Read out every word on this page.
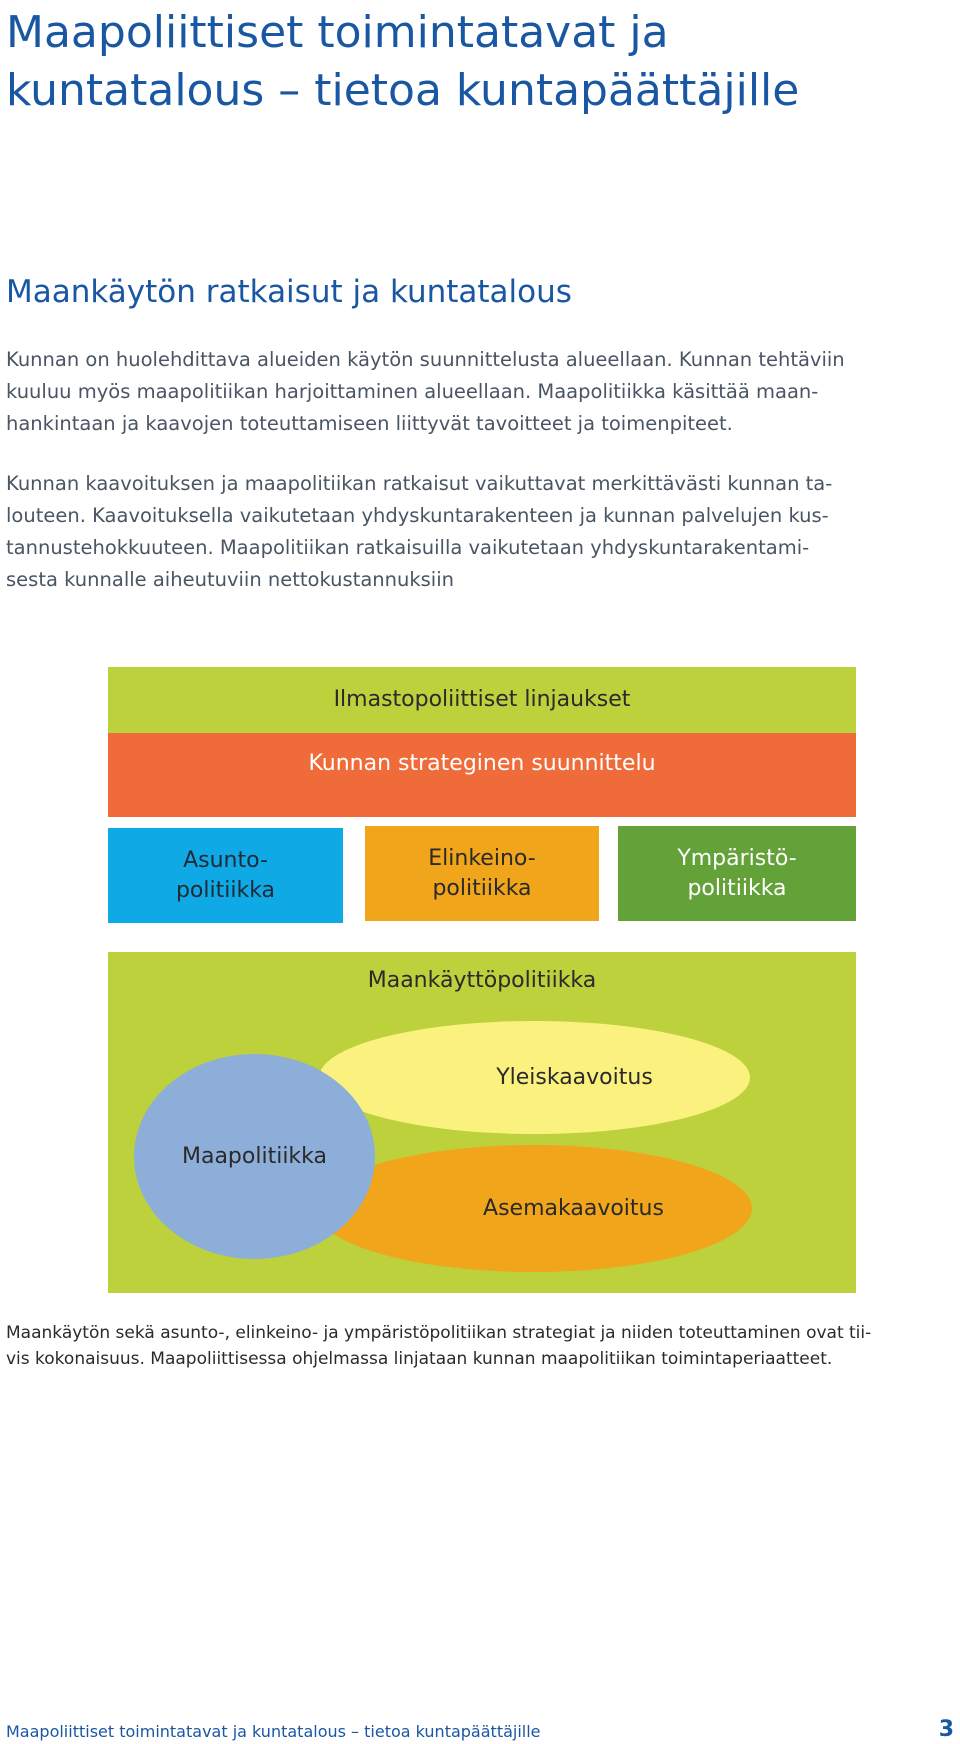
Maapoliittiset toimintatavat ja
kuntatalous – tietoa kuntapäättäjille
Maankäytön ratkaisut ja kuntatalous

Kunnan on huolehdittava alueiden käytön suunnittelusta alueellaan. Kunnan tehtäviin
kuuluu myös maapolitiikan harjoittaminen alueellaan. Maapolitiikka käsittää maan-
hankintaan ja kaavojen toteuttamiseen liittyvät tavoitteet ja toimenpiteet.

Kunnan kaavoituksen ja maapolitiikan ratkaisut vaikuttavat merkittävästi kunnan ta-
louteen. Kaavoituksella vaikutetaan yhdyskuntarakenteen ja kunnan palvelujen kus-
tannustehokkuuteen. Maapolitiikan ratkaisuilla vaikutetaan yhdyskuntarakentami-
sesta kunnalle aiheutuviin nettokustannuksiin

Ilmastopoliittiset linjaukset
Kunnan strateginen suunnittelu
Asunto-
politiikka
Elinkeino-
politiikka
Ympäristö-
politiikka
Maankäyttöpolitiikka
Yleiskaavoitus
Asemakaavoitus
Maapolitiikka

Maankäytön sekä asunto-, elinkeino- ja ympäristöpolitiikan strategiat ja niiden toteuttaminen ovat tii-
vis kokonaisuus. Maapoliittisessa ohjelmassa linjataan kunnan maapolitiikan toimintaperiaatteet.

Maapoliittiset toimintatavat ja kuntatalous – tietoa kuntapäättäjille	3
